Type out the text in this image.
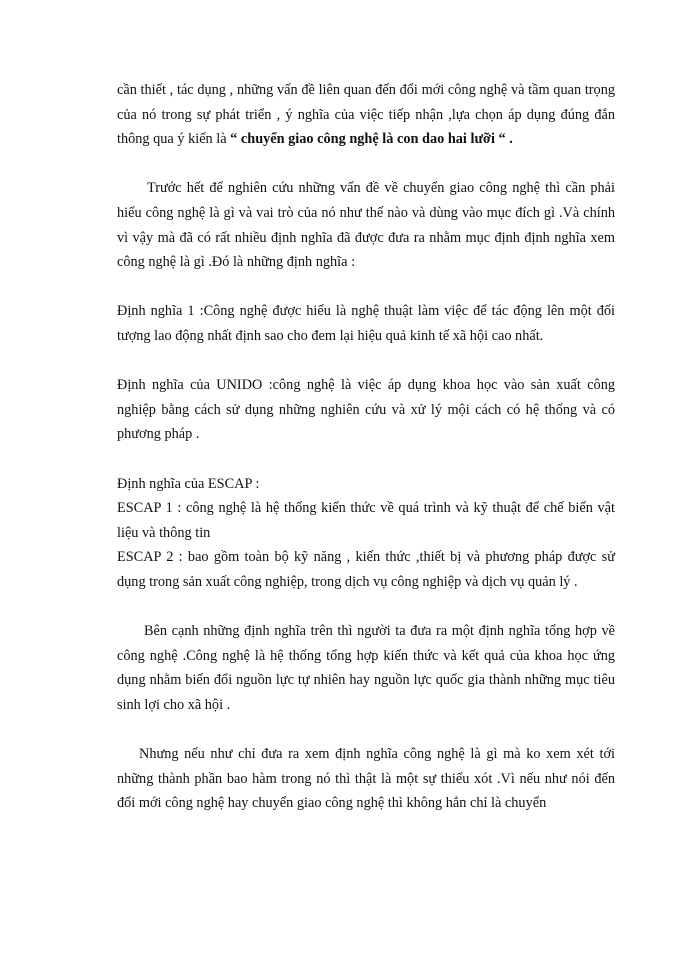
cần thiết , tác dụng , những vấn đề liên quan đến đổi mới công nghệ và tầm quan trọng của nó trong sự phát triển , ý nghĩa của việc tiếp nhận ,lựa chọn áp dụng đúng đắn thông qua ý kiến là “ chuyển giao công nghệ là con dao hai lưỡi “ .

Trước hết để nghiên cứu những vấn đề về chuyển giao công nghệ thì cần phải hiểu công nghệ là gì và vai trò của nó như thế nào và dùng vào mục đích gì .Và chính vì vậy mà đã có rất nhiều định nghĩa đã được đưa ra nhằm mục định định nghĩa xem công nghệ là gì .Đó là những định nghĩa :

Định nghĩa 1 :Công nghệ được hiểu là nghệ thuật làm việc để tác động lên một đối tượng lao động nhất định sao cho đem lại hiệu quả kinh tế xã hội cao nhất.

Định nghĩa của UNIDO :công nghệ là việc áp dụng khoa học vào sản xuất công nghiệp bằng cách sử dụng những nghiên cứu và xử lý mội cách có hệ thống và có phương pháp .

Định nghĩa của ESCAP :

ESCAP 1 : công nghệ là hệ thống kiến thức về quá trình và kỹ thuật để chế biến vật liệu và thông tin

ESCAP 2 : bao gồm toàn bộ kỹ năng , kiến thức ,thiết bị và phương pháp được sử dụng trong sản xuất công nghiệp, trong dịch vụ công nghiệp và dịch vụ quản lý .

Bên cạnh những định nghĩa trên thì người ta đưa ra một định nghĩa tổng hợp về công nghệ .Công nghệ là hệ thống tổng hợp kiến thức và kết quả của khoa học ứng dụng nhằm biến đổi nguồn lực tự nhiên hay nguồn lực quốc gia thành những mục tiêu sinh lợi cho xã hội .

Nhưng nếu như chỉ đưa ra xem định nghĩa công nghệ là gì mà ko xem xét tới những thành phần bao hàm trong nó thì thật là một sự thiếu xót .Vì nếu như nói đến đổi mới công nghệ hay chuyển giao công nghệ thì không hẳn chỉ là chuyển
